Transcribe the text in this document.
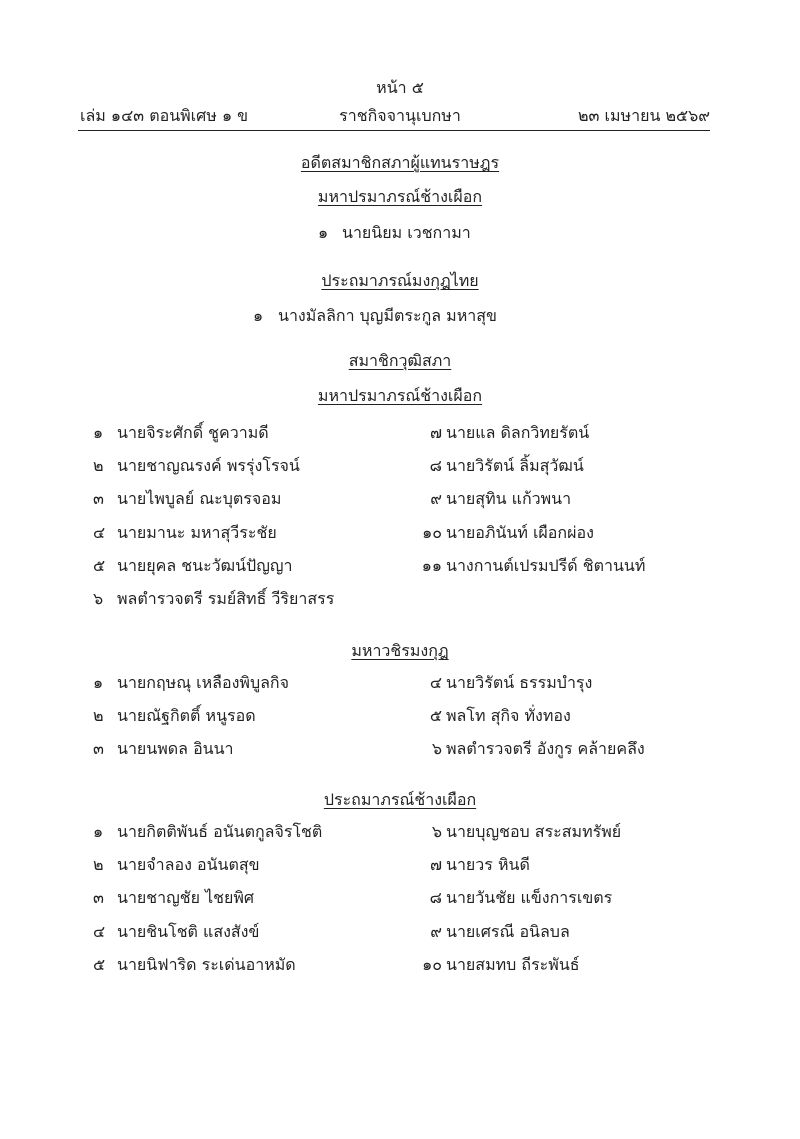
หน้า ๕
เล่ม ๑๔๓ ตอนพิเศษ ๑ ข	ราชกิจจานุเบกษา	๒๓ เมษายน ๒๕๖๙
อดีตสมาชิกสภาผู้แทนราษฎร
มหาปรมาภรณ์ช้างเผือก
๑ นายนิยม เวชกามา
ประถมาภรณ์มงกุฎไทย
๑ นางมัลลิกา บุญมีตระกูล มหาสุข
สมาชิกวุฒิสภา
มหาปรมาภรณ์ช้างเผือก
๑ นายจิระศักดิ์ ชูความดี
๒ นายชาญณรงค์ พรรุ่งโรจน์
๓ นายไพบูลย์ ณะบุตรจอม
๔ นายมานะ มหาสุวีระชัย
๕ นายยุคล ชนะวัฒน์ปัญญา
๖ พลตำรวจตรี รมย์สิทธิ์ วีริยาสรร
๗ นายแล ดิลกวิทยรัตน์
๘ นายวิรัตน์ ลิ้มสุวัฒน์
๙ นายสุทิน แก้วพนา
๑๐ นายอภินันท์ เผือกผ่อง
๑๑ นางกานต์เปรมปรีด์ ชิตานนท์
มหาวชิรมงกุฎ
๑ นายกฤษณุ เหลืองพิบูลกิจ
๒ นายณัฐกิตติ์ หนูรอด
๓ นายนพดล อินนา
๔ นายวิรัตน์ ธรรมบำรุง
๕ พลโท สุกิจ ทั่งทอง
๖ พลตำรวจตรี อังกูร คล้ายคลึง
ประถมาภรณ์ช้างเผือก
๑ นายกิตติพันธ์ อนันตกูลจิรโชติ
๒ นายจำลอง อนันตสุข
๓ นายชาญชัย ไชยพิศ
๔ นายชินโชติ แสงสังข์
๕ นายนิฟาริด ระเด่นอาหมัด
๖ นายบุญชอบ สระสมทรัพย์
๗ นายวร หินดี
๘ นายวันชัย แข็งการเขตร
๙ นายเศรณี อนิลบล
๑๐ นายสมทบ ถีระพันธ์
